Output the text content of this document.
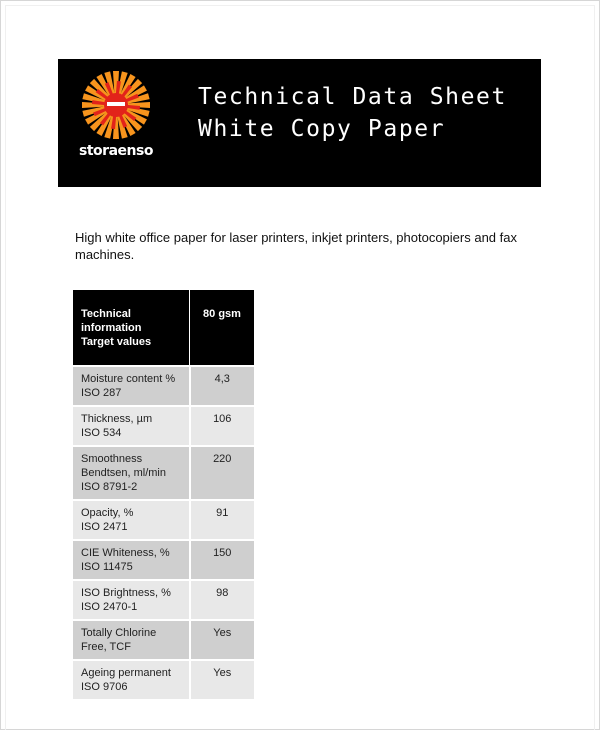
storaenso
Technical Data Sheet
White Copy Paper
High white office paper for laser printers, inkjet printers, photocopiers and fax machines.
Technical
information
Target values	80 gsm

Moisture content %
ISO 287	4,3

Thickness, µm
ISO 534	106

Smoothness
Bendtsen, ml/min
ISO 8791-2	220

Opacity, %
ISO 2471	91

CIE Whiteness, %
ISO 11475	150

ISO Brightness, %
ISO 2470-1	98

Totally Chlorine
Free, TCF	Yes

Ageing permanent
ISO 9706	Yes
